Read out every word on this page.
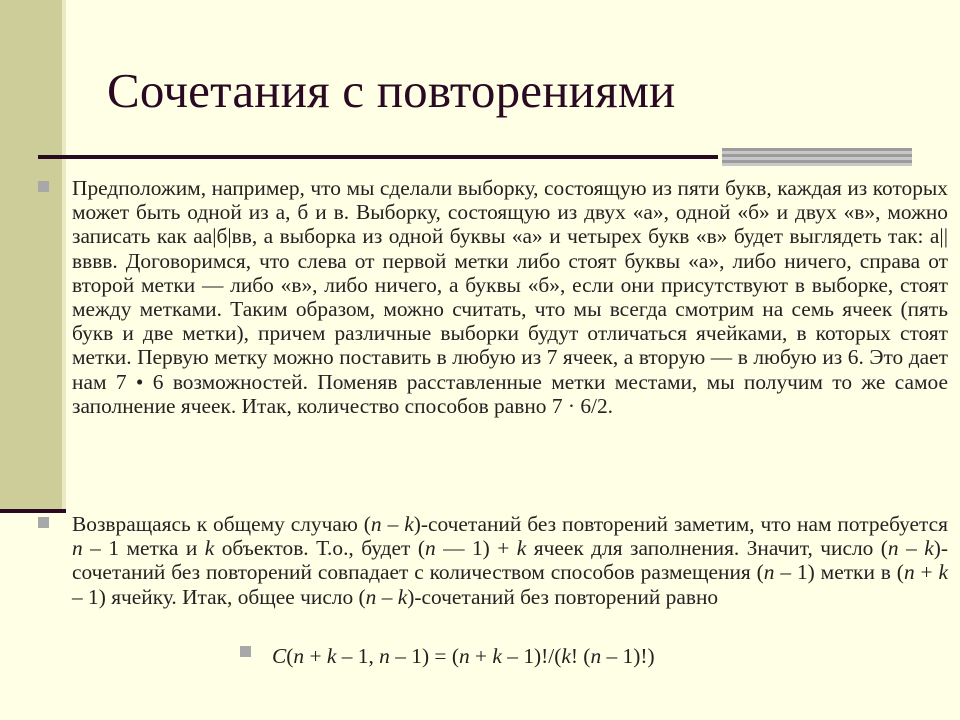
Сочетания с повторениями

Предположим, например, что мы сделали выборку, состоящую из пяти букв, каждая из которых может быть одной из а, б и в. Выборку, состоящую из двух «а», одной «б» и двух «в», можно записать как аа|б|вв, а выборка из одной буквы «а» и четырех букв «в» будет выглядеть так: а||вввв. Договоримся, что слева от первой метки либо стоят буквы «а», либо ничего, справа от второй метки — либо «в», либо ничего, а буквы «б», если они присутствуют в выборке, стоят между метками. Таким образом, можно считать, что мы всегда смотрим на семь ячеек (пять букв и две метки), причем различные выборки будут отличаться ячейками, в которых стоят метки. Первую метку можно поставить в любую из 7 ячеек, а вторую — в любую из 6. Это дает нам 7 • 6 возможностей. Поменяв расставленные метки местами, мы получим то же самое заполнение ячеек. Итак, количество способов равно 7 · 6/2.

Возвращаясь к общему случаю (n – k)-сочетаний без повторений заметим, что нам потребуется n – 1 метка и k объектов. Т.о., будет (n — 1) + k ячеек для заполнения. Значит, число (n – k)-сочетаний без повторений совпадает с количеством способов размещения (n – 1) метки в (n + k – 1) ячейку. Итак, общее число (n – k)-сочетаний без повторений равно

C(n + k – 1, n – 1) = (n + k – 1)!/(k! (n – 1)!)
